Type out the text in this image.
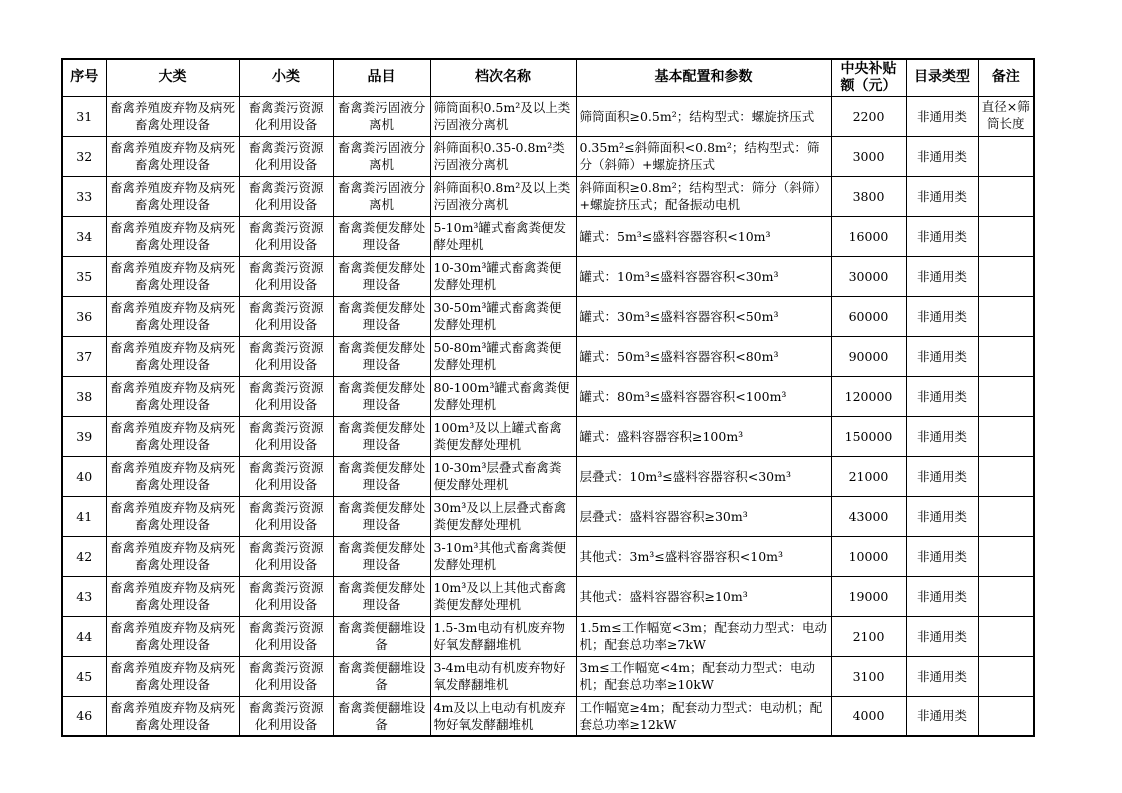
序号	大类	小类	品目	档次名称	基本配置和参数	中央补贴额（元）	目录类型	备注
31	畜禽养殖废弃物及病死畜禽处理设备	畜禽粪污资源化利用设备	畜禽粪污固液分离机	筛筒面积0.5m²及以上类污固液分离机	筛筒面积≥0.5m²；结构型式：螺旋挤压式	2200	非通用类	直径×筛筒长度
32	畜禽养殖废弃物及病死畜禽处理设备	畜禽粪污资源化利用设备	畜禽粪污固液分离机	斜筛面积0.35-0.8m²类污固液分离机	0.35m²≤斜筛面积<0.8m²；结构型式：筛分（斜筛）+螺旋挤压式	3000	非通用类	
33	畜禽养殖废弃物及病死畜禽处理设备	畜禽粪污资源化利用设备	畜禽粪污固液分离机	斜筛面积0.8m²及以上类污固液分离机	斜筛面积≥0.8m²；结构型式：筛分（斜筛）+螺旋挤压式；配备振动电机	3800	非通用类	
34	畜禽养殖废弃物及病死畜禽处理设备	畜禽粪污资源化利用设备	畜禽粪便发酵处理设备	5-10m³罐式畜禽粪便发酵处理机	罐式：5m³≤盛料容器容积<10m³	16000	非通用类	
35	畜禽养殖废弃物及病死畜禽处理设备	畜禽粪污资源化利用设备	畜禽粪便发酵处理设备	10-30m³罐式畜禽粪便发酵处理机	罐式：10m³≤盛料容器容积<30m³	30000	非通用类	
36	畜禽养殖废弃物及病死畜禽处理设备	畜禽粪污资源化利用设备	畜禽粪便发酵处理设备	30-50m³罐式畜禽粪便发酵处理机	罐式：30m³≤盛料容器容积<50m³	60000	非通用类	
37	畜禽养殖废弃物及病死畜禽处理设备	畜禽粪污资源化利用设备	畜禽粪便发酵处理设备	50-80m³罐式畜禽粪便发酵处理机	罐式：50m³≤盛料容器容积<80m³	90000	非通用类	
38	畜禽养殖废弃物及病死畜禽处理设备	畜禽粪污资源化利用设备	畜禽粪便发酵处理设备	80-100m³罐式畜禽粪便发酵处理机	罐式：80m³≤盛料容器容积<100m³	120000	非通用类	
39	畜禽养殖废弃物及病死畜禽处理设备	畜禽粪污资源化利用设备	畜禽粪便发酵处理设备	100m³及以上罐式畜禽粪便发酵处理机	罐式：盛料容器容积≥100m³	150000	非通用类	
40	畜禽养殖废弃物及病死畜禽处理设备	畜禽粪污资源化利用设备	畜禽粪便发酵处理设备	10-30m³层叠式畜禽粪便发酵处理机	层叠式：10m³≤盛料容器容积<30m³	21000	非通用类	
41	畜禽养殖废弃物及病死畜禽处理设备	畜禽粪污资源化利用设备	畜禽粪便发酵处理设备	30m³及以上层叠式畜禽粪便发酵处理机	层叠式：盛料容器容积≥30m³	43000	非通用类	
42	畜禽养殖废弃物及病死畜禽处理设备	畜禽粪污资源化利用设备	畜禽粪便发酵处理设备	3-10m³其他式畜禽粪便发酵处理机	其他式：3m³≤盛料容器容积<10m³	10000	非通用类	
43	畜禽养殖废弃物及病死畜禽处理设备	畜禽粪污资源化利用设备	畜禽粪便发酵处理设备	10m³及以上其他式畜禽粪便发酵处理机	其他式：盛料容器容积≥10m³	19000	非通用类	
44	畜禽养殖废弃物及病死畜禽处理设备	畜禽粪污资源化利用设备	畜禽粪便翻堆设备	1.5-3m电动有机废弃物好氧发酵翻堆机	1.5m≤工作幅宽<3m；配套动力型式：电动机；配套总功率≥7kW	2100	非通用类	
45	畜禽养殖废弃物及病死畜禽处理设备	畜禽粪污资源化利用设备	畜禽粪便翻堆设备	3-4m电动有机废弃物好氧发酵翻堆机	3m≤工作幅宽<4m；配套动力型式：电动机；配套总功率≥10kW	3100	非通用类	
46	畜禽养殖废弃物及病死畜禽处理设备	畜禽粪污资源化利用设备	畜禽粪便翻堆设备	4m及以上电动有机废弃物好氧发酵翻堆机	工作幅宽≥4m；配套动力型式：电动机；配套总功率≥12kW	4000	非通用类	
